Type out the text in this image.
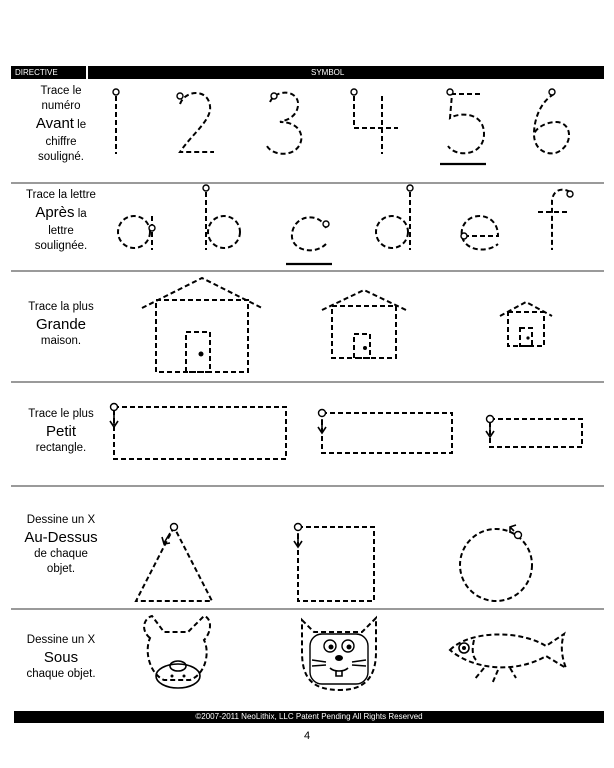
DIRECTIVE	SYMBOL
Trace le
numéro
Avant le
chiffre
souligné.
Trace la lettre
Après la
lettre
soulignée.
Trace la plus
Grande
maison.
Trace le plus
Petit
rectangle.
Dessine un X
Au-Dessus
de chaque
objet.
Dessine un X
Sous
chaque objet.
©2007-2011 NeoLithix, LLC Patent Pending All Rights Reserved
4
